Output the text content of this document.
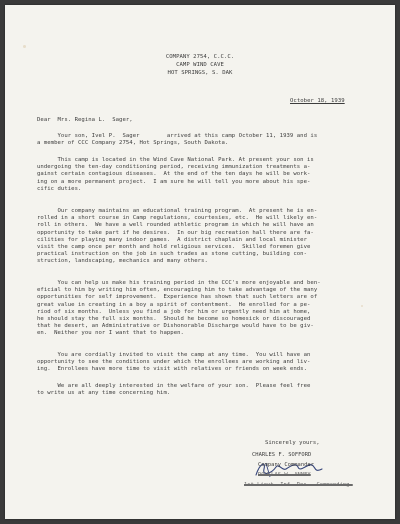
COMPANY 2754, C.C.C.
CAMP WIND CAVE
HOT SPRINGS, S. DAK
October 18, 1939
Dear  Mrs. Regina L.  Sager,
Your son, Ivel P.  Sager        arrived at this camp October 11, 1939 and is
a member of CCC Company 2754, Hot Springs, South Dakota.
This camp is located in the Wind Cave National Park. At present your son is
undergoing the ten-day conditioning period, receiving immunization treatments a-
gainst certain contagious diseases.  At the end of the ten days he will be work-
ing on a more permanent project.  I am sure he will tell you more about his spe-
cific duties.
Our company maintains an educational training program.  At present he is en-
rolled in a short course in Camp regulations, courtesies, etc.  He will likely en-
roll in others.  We have a well rounded athletic program in which he will have an
opportunity to take part if he desires.  In our big recreation hall there are fa-
cilities for playing many indoor games.  A district chaplain and local minister
visit the camp once per month and hold religious services.  Skilled foremen give
practical instruction on the job in such trades as stone cutting, building con-
struction, landscaping, mechanics and many others.
You can help us make his training period in the CCC's more enjoyable and ben-
eficial to him by writing him often, encouraging him to take advantage of the many
opportunities for self improvement.  Experience has shown that such letters are of
great value in creating in a boy a spirit of contentment.  He enrolled for a pe-
riod of six months.  Unless you find a job for him or urgently need him at home,
he should stay the full six months.  Should he become so homesick or discouraged
that he desert, an Administrative or Dishonorable Discharge would have to be giv-
en.  Neither you nor I want that to happen.
You are cordially invited to visit the camp at any time.  You will have an
opportunity to see the conditions under which the enrollees are working and liv-
ing.  Enrollees have more time to visit with relatives or friends on week ends.
We are all deeply interested in the welfare of your son.  Please feel free
to write us at any time concerning him.
Sincerely yours,
CHARLES F. SOFFORD
Company Commander
DOUGLAS W. ANNEY
1st Lieut. Inf. Res.  Commanding.
